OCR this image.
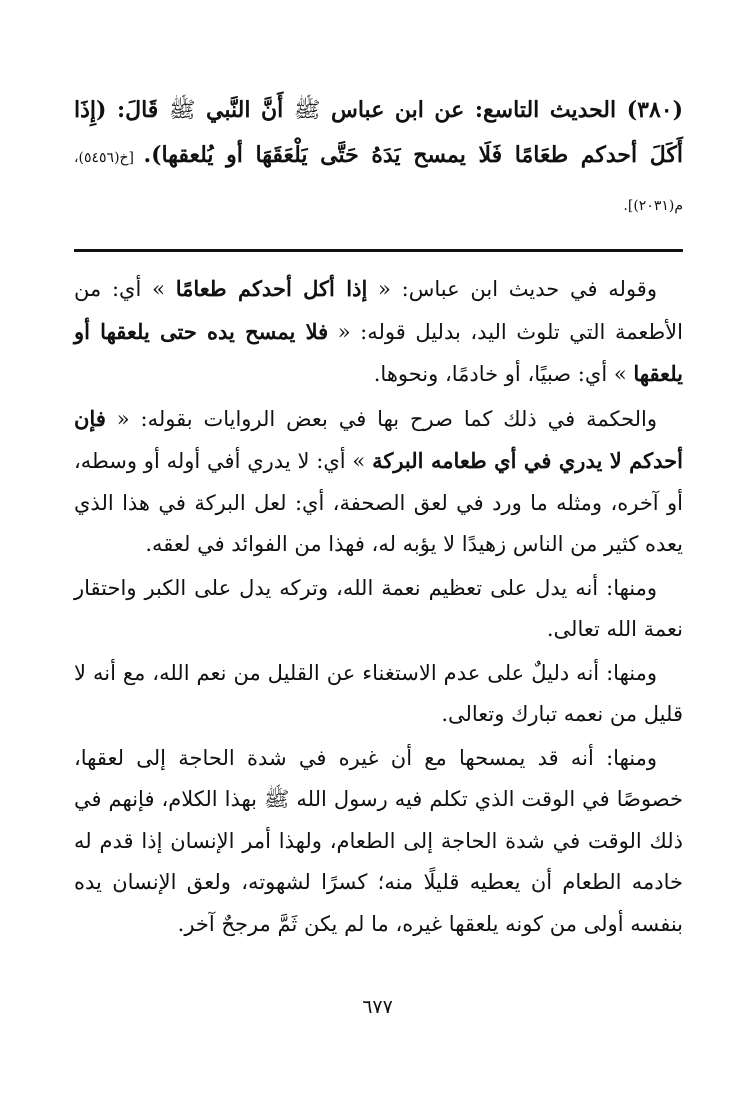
(٣٨٠) الحديث التاسع: عن ابن عباس ﷺ أَنَّ النَّبي ﷺ قَالَ: (إِذَا أَكَلَ أحدكم طعَامًا فَلَا يمسح يَدَهُ حَتَّى يَلْعَقَهَا أو يُلعقها). [خ(٥٤٥٦)، م(٢٠٣١)].

وقوله في حديث ابن عباس: « إذا أكل أحدكم طعامًا » أي: من الأطعمة التي تلوث اليد، بدليل قوله: « فلا يمسح يده حتى يلعقها أو يلعقها » أي: صبيًا، أو خادمًا، ونحوها.

والحكمة في ذلك كما صرح بها في بعض الروايات بقوله: « فإن أحدكم لا يدري في أي طعامه البركة » أي: لا يدري أفي أوله أو وسطه، أو آخره، ومثله ما ورد في لعق الصحفة، أي: لعل البركة في هذا الذي يعده كثير من الناس زهيدًا لا يؤبه له، فهذا من الفوائد في لعقه.

ومنها: أنه يدل على تعظيم نعمة الله، وتركه يدل على الكبر واحتقار نعمة الله تعالى.

ومنها: أنه دليلٌ على عدم الاستغناء عن القليل من نعم الله، مع أنه لا قليل من نعمه تبارك وتعالى.

ومنها: أنه قد يمسحها مع أن غيره في شدة الحاجة إلى لعقها، خصوصًا في الوقت الذي تكلم فيه رسول الله ﷺ بهذا الكلام، فإنهم في ذلك الوقت في شدة الحاجة إلى الطعام، ولهذا أمر الإنسان إذا قدم له خادمه الطعام أن يعطيه قليلًا منه؛ كسرًا لشهوته، ولعق الإنسان يده بنفسه أولى من كونه يلعقها غيره، ما لم يكن ثَمَّ مرجحٌ آخر.

٦٧٧
